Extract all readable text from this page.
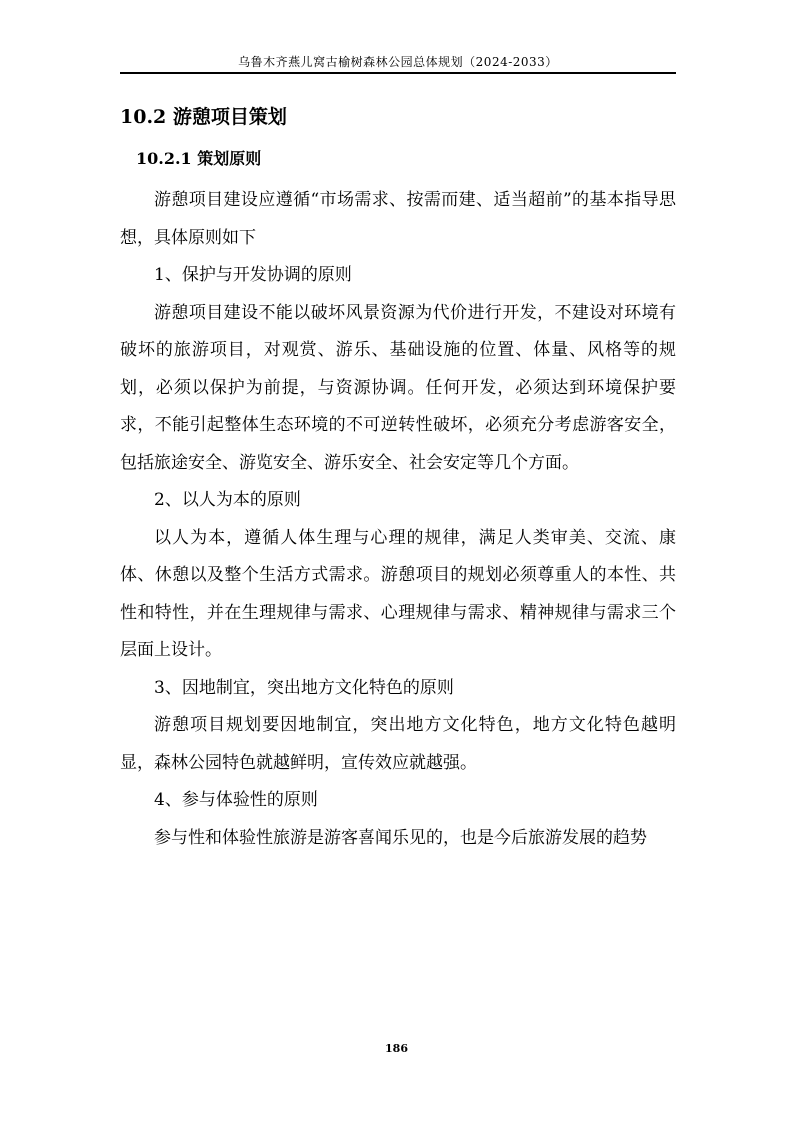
乌鲁木齐燕儿窝古榆树森林公园总体规划（2024-2033）
10.2 游憩项目策划
10.2.1 策划原则

游憩项目建设应遵循“市场需求、按需而建、适当超前”的基本指导思想，具体原则如下

1、保护与开发协调的原则

游憩项目建设不能以破坏风景资源为代价进行开发，不建设对环境有破坏的旅游项目，对观赏、游乐、基础设施的位置、体量、风格等的规划，必须以保护为前提，与资源协调。任何开发，必须达到环境保护要求，不能引起整体生态环境的不可逆转性破坏，必须充分考虑游客安全，包括旅途安全、游览安全、游乐安全、社会安定等几个方面。

2、以人为本的原则

以人为本，遵循人体生理与心理的规律，满足人类审美、交流、康体、休憩以及整个生活方式需求。游憩项目的规划必须尊重人的本性、共性和特性，并在生理规律与需求、心理规律与需求、精神规律与需求三个层面上设计。

3、因地制宜，突出地方文化特色的原则

游憩项目规划要因地制宜，突出地方文化特色，地方文化特色越明显，森林公园特色就越鲜明，宣传效应就越强。

4、参与体验性的原则

参与性和体验性旅游是游客喜闻乐见的，也是今后旅游发展的趋势

186
